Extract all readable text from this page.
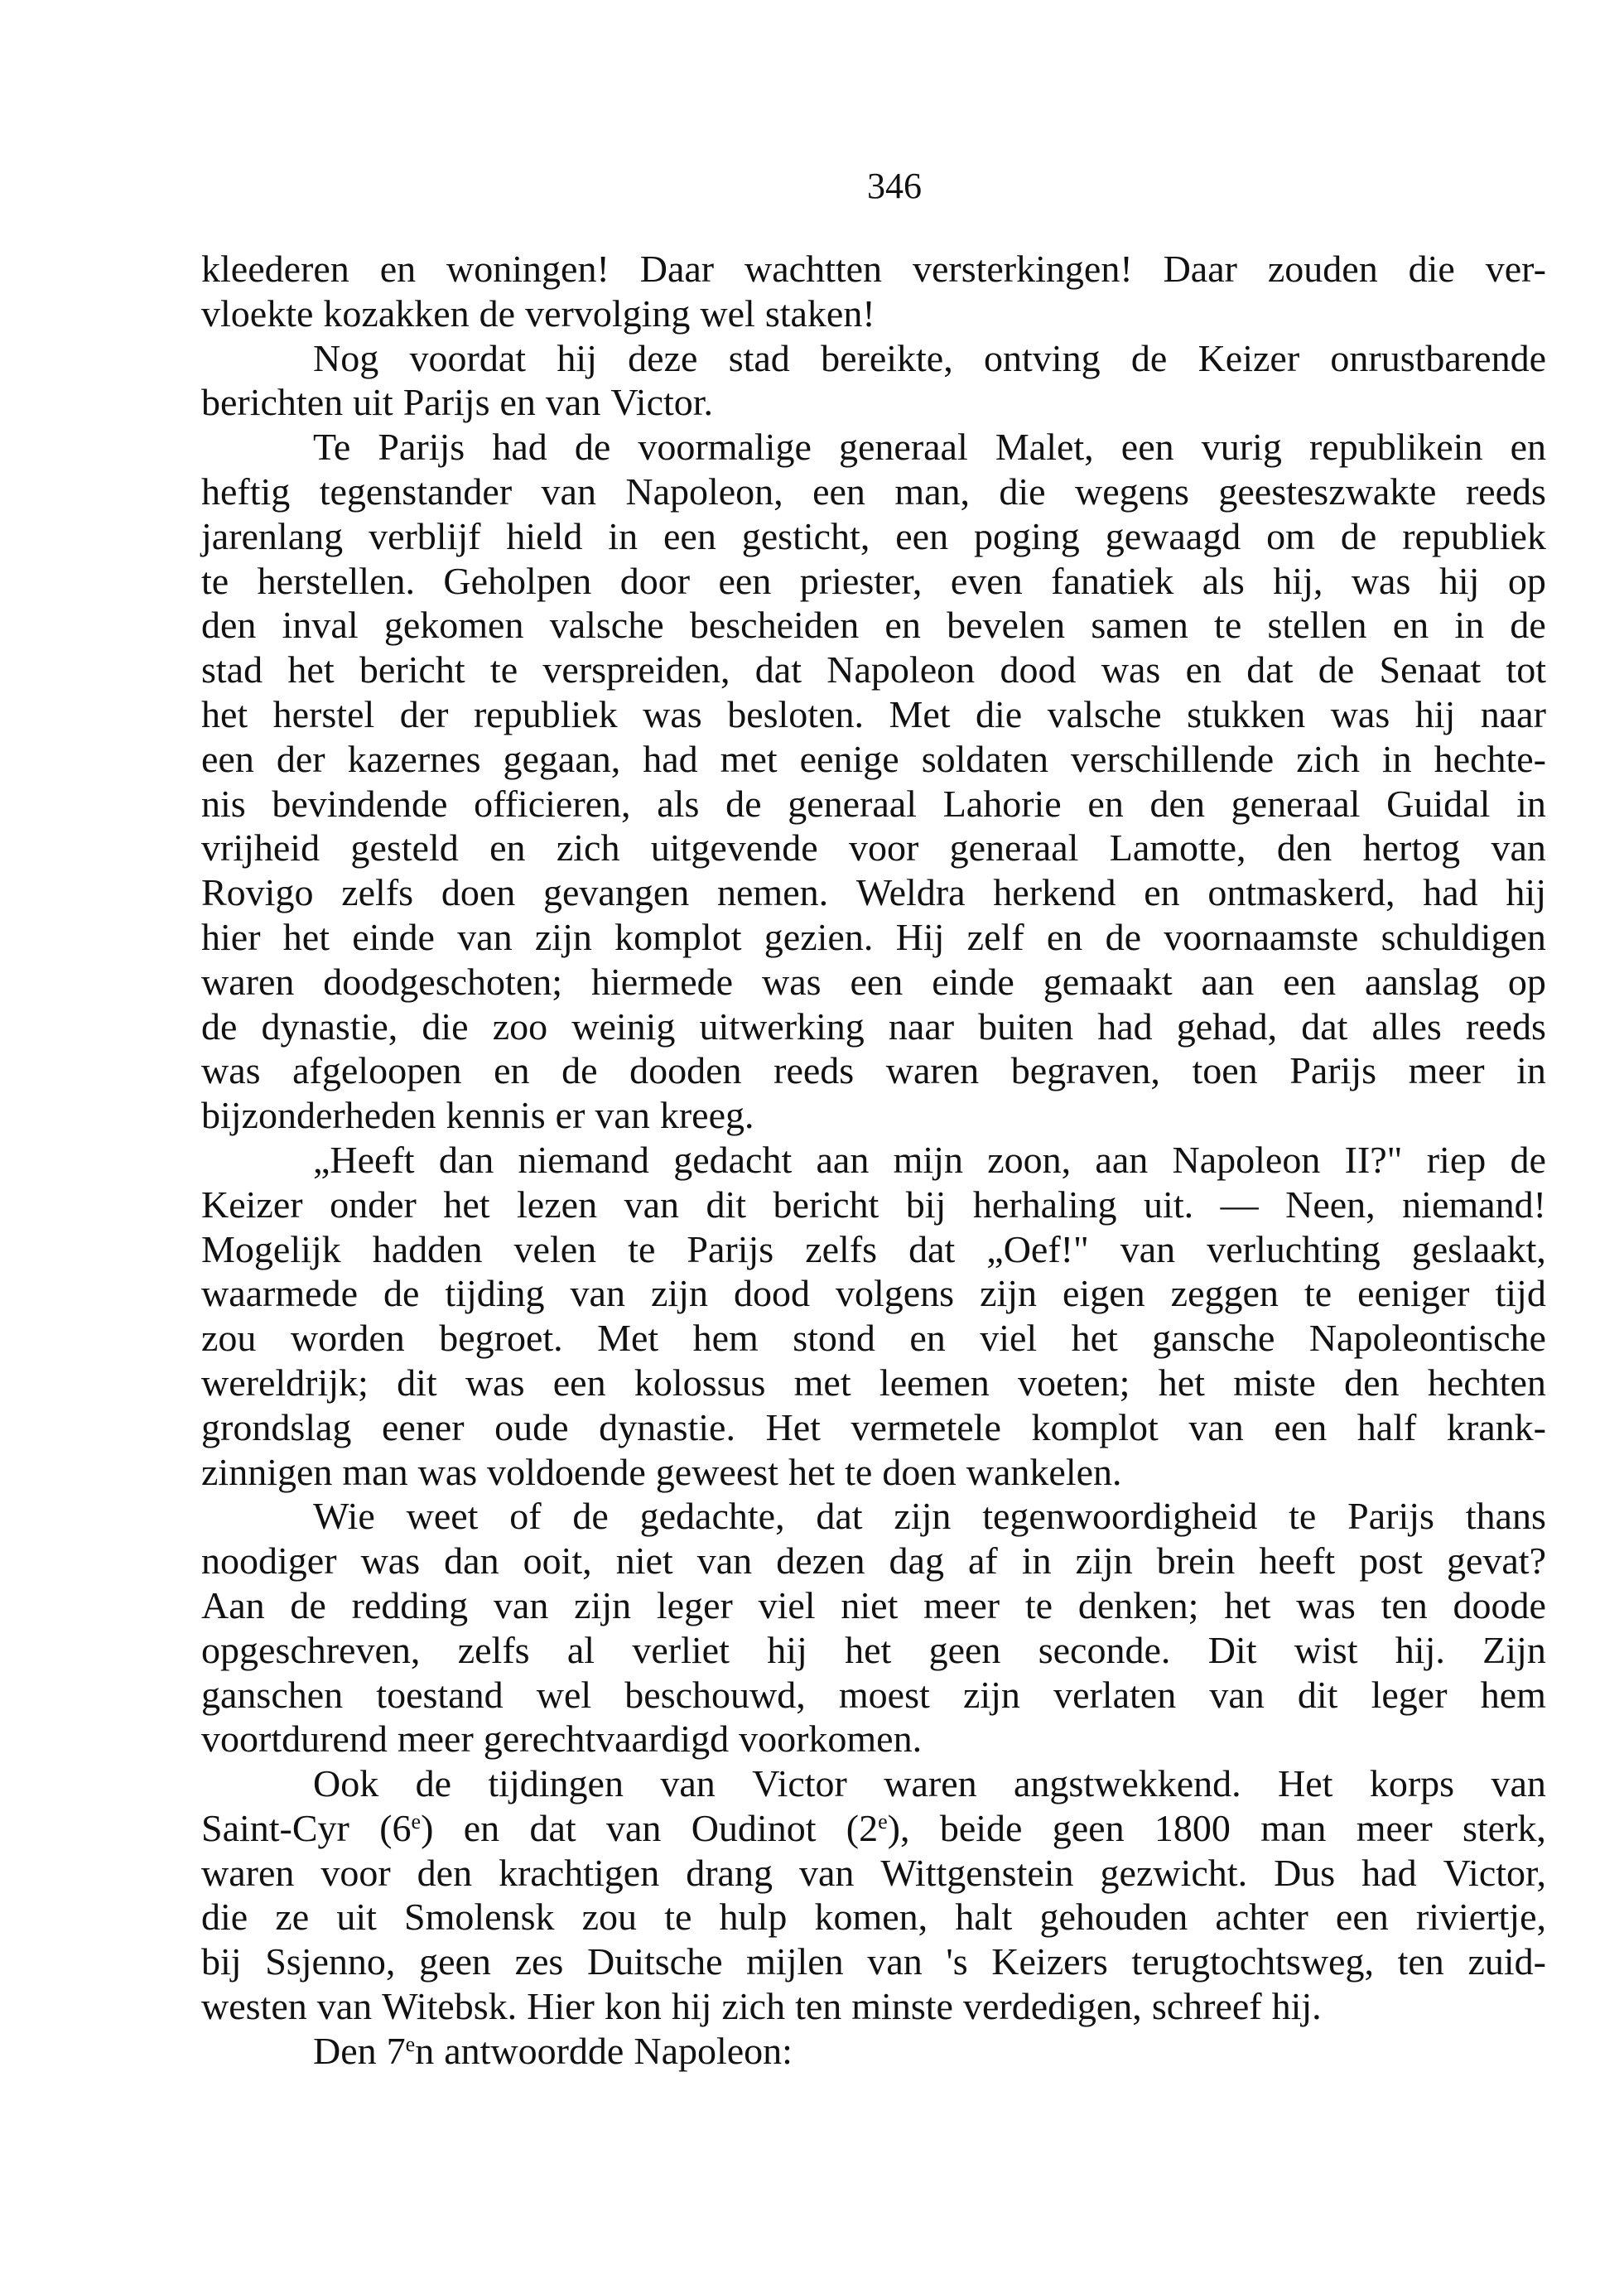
346
kleederen en woningen! Daar wachtten versterkingen! Daar zouden die ver-
vloekte kozakken de vervolging wel staken!
Nog voordat hij deze stad bereikte, ontving de Keizer onrustbarende
berichten uit Parijs en van Victor.
Te Parijs had de voormalige generaal Malet, een vurig republikein en
heftig tegenstander van Napoleon, een man, die wegens geesteszwakte reeds
jarenlang verblijf hield in een gesticht, een poging gewaagd om de republiek
te herstellen. Geholpen door een priester, even fanatiek als hij, was hij op
den inval gekomen valsche bescheiden en bevelen samen te stellen en in de
stad het bericht te verspreiden, dat Napoleon dood was en dat de Senaat tot
het herstel der republiek was besloten. Met die valsche stukken was hij naar
een der kazernes gegaan, had met eenige soldaten verschillende zich in hechte-
nis bevindende officieren, als de generaal Lahorie en den generaal Guidal in
vrijheid gesteld en zich uitgevende voor generaal Lamotte, den hertog van
Rovigo zelfs doen gevangen nemen. Weldra herkend en ontmaskerd, had hij
hier het einde van zijn komplot gezien. Hij zelf en de voornaamste schuldigen
waren doodgeschoten; hiermede was een einde gemaakt aan een aanslag op
de dynastie, die zoo weinig uitwerking naar buiten had gehad, dat alles reeds
was afgeloopen en de dooden reeds waren begraven, toen Parijs meer in
bijzonderheden kennis er van kreeg.
„Heeft dan niemand gedacht aan mijn zoon, aan Napoleon II?" riep de
Keizer onder het lezen van dit bericht bij herhaling uit. — Neen, niemand!
Mogelijk hadden velen te Parijs zelfs dat „Oef!" van verluchting geslaakt,
waarmede de tijding van zijn dood volgens zijn eigen zeggen te eeniger tijd
zou worden begroet. Met hem stond en viel het gansche Napoleontische
wereldrijk; dit was een kolossus met leemen voeten; het miste den hechten
grondslag eener oude dynastie. Het vermetele komplot van een half krank-
zinnigen man was voldoende geweest het te doen wankelen.
Wie weet of de gedachte, dat zijn tegenwoordigheid te Parijs thans
noodiger was dan ooit, niet van dezen dag af in zijn brein heeft post gevat?
Aan de redding van zijn leger viel niet meer te denken; het was ten doode
opgeschreven, zelfs al verliet hij het geen seconde. Dit wist hij. Zijn
ganschen toestand wel beschouwd, moest zijn verlaten van dit leger hem
voortdurend meer gerechtvaardigd voorkomen.
Ook de tijdingen van Victor waren angstwekkend. Het korps van
Saint-Cyr (6e) en dat van Oudinot (2e), beide geen 1800 man meer sterk,
waren voor den krachtigen drang van Wittgenstein gezwicht. Dus had Victor,
die ze uit Smolensk zou te hulp komen, halt gehouden achter een riviertje,
bij Ssjenno, geen zes Duitsche mijlen van 's Keizers terugtochtsweg, ten zuid-
westen van Witebsk. Hier kon hij zich ten minste verdedigen, schreef hij.
Den 7en antwoordde Napoleon:
